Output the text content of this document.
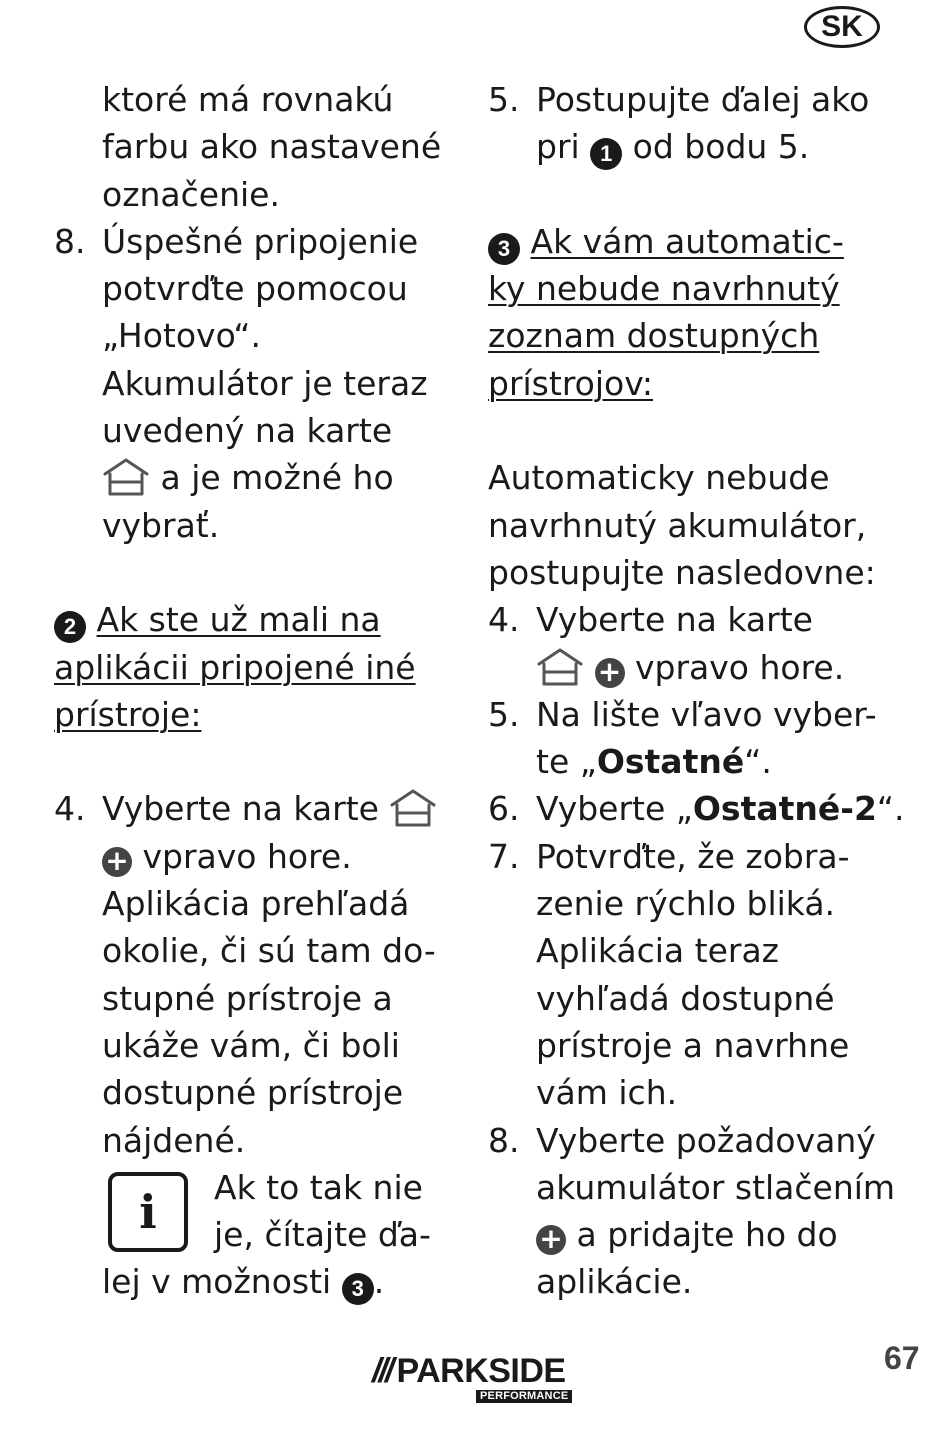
SK
ktoré má rovnakú
farbu ako nastavené
označenie.
8. Úspešné pripojenie
potvrďte pomocou
„Hotovo“.
Akumulátor je teraz
uvedený na karte
a je možné ho
vybrať.
2 Ak ste už mali na
aplikácii pripojené iné
prístroje:
4. Vyberte na karte
+ vpravo hore.
Aplikácia prehľadá
okolie, či sú tam do-
stupné prístroje a
ukáže vám, či boli
dostupné prístroje
nájdené.
i	Ak to tak nie
je, čítajte ďa-
lej v možnosti 3 .
5. Postupujte ďalej ako
pri 1 od bodu 5.
3 Ak vám automatic-
ky nebude navrhnutý
zoznam dostupných
prístrojov:
Automaticky nebude
navrhnutý akumulátor,
postupujte nasledovne:
4. Vyberte na karte
+ vpravo hore.
5. Na lište vľavo vyber-
te „Ostatné“.
6. Vyberte „Ostatné-2“.
7. Potvrďte, že zobra-
zenie rýchlo bliká.
Aplikácia teraz
vyhľadá dostupné
prístroje a navrhne
vám ich.
8. Vyberte požadovaný
akumulátor stlačením
+ a pridajte ho do
aplikácie.
/// PARKSIDE
PERFORMANCE
67
